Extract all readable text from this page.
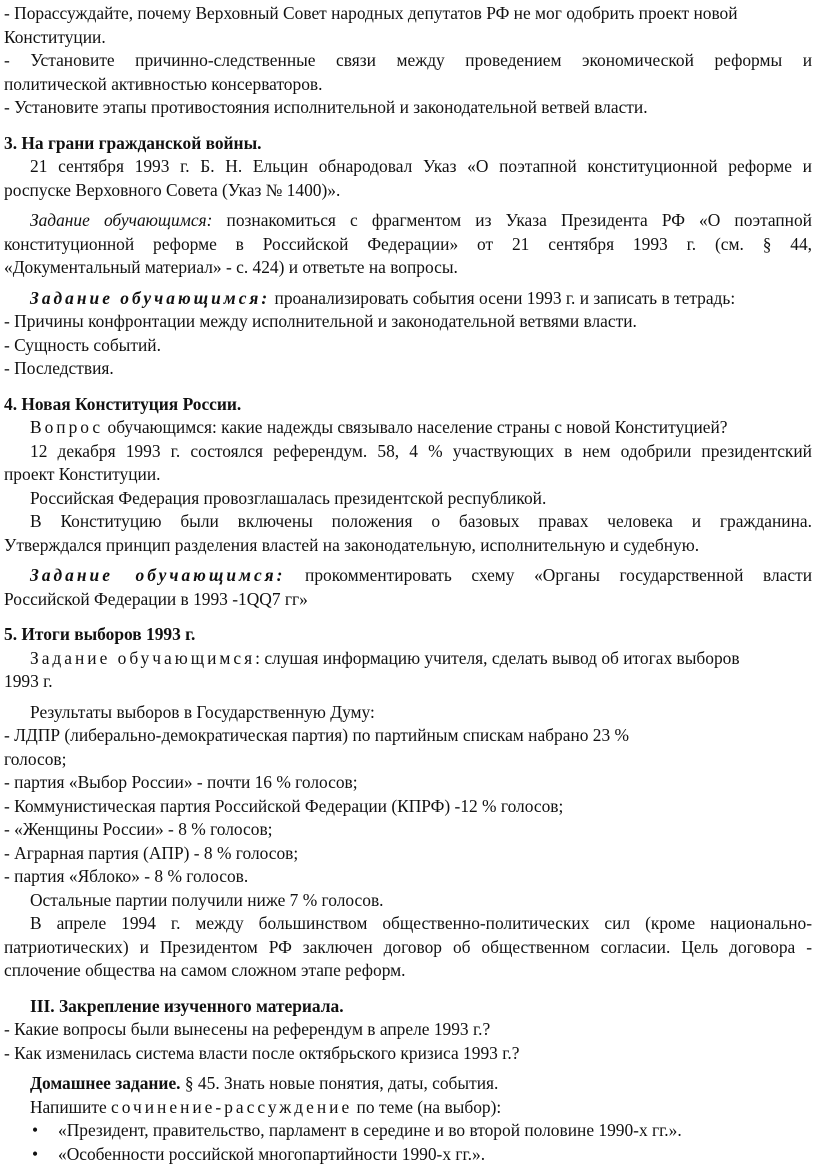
- Порассуждайте, почему Верховный Совет народных депутатов РФ не мог одобрить проект новой
Конституции.
- Установите причинно-следственные связи между проведением экономической реформы и
политической активностью консерваторов.
- Установите этапы противостояния исполнительной и законодательной ветвей власти.
3. На грани гражданской войны.
21 сентября 1993 г. Б. Н. Ельцин обнародовал Указ «О поэтапной конституционной реформе и
роспуске Верховного Совета (Указ № 1400)».
Задание обучающимся: познакомиться с фрагментом из Указа Президента РФ «О поэтапной
конституционной реформе в Российской Федерации» от 21 сентября 1993 г. (см. § 44,
«Документальный материал» - с. 424) и ответьте на вопросы.
Задание обучающимся: проанализировать события осени 1993 г. и записать в тетрадь:
- Причины конфронтации между исполнительной и законодательной ветвями власти.
- Сущность событий.
- Последствия.
4. Новая Конституция России.
Вопрос обучающимся: какие надежды связывало население страны с новой Конституцией?
12 декабря 1993 г. состоялся референдум. 58, 4 % участвующих в нем одобрили президентский
проект Конституции.
Российская Федерация провозглашалась президентской республикой.
В Конституцию были включены положения о базовых правах человека и гражданина.
Утверждался принцип разделения властей на законодательную, исполнительную и судебную.
Задание обучающимся: прокомментировать схему «Органы государственной власти
Российской Федерации в 1993 -1QQ7 гг»
5. Итоги выборов 1993 г.
Задание обучающимся: слушая информацию учителя, сделать вывод об итогах выборов
1993 г.
Результаты выборов в Государственную Думу:
- ЛДПР (либерально-демократическая партия) по партийным спискам набрано 23 %
голосов;
- партия «Выбор России» - почти 16 % голосов;
- Коммунистическая партия Российской Федерации (КПРФ) -12 % голосов;
- «Женщины России» - 8 % голосов;
- Аграрная партия (АПР) - 8 % голосов;
- партия «Яблоко» - 8 % голосов.
Остальные партии получили ниже 7 % голосов.
В апреле 1994 г. между большинством общественно-политических сил (кроме национально-
патриотических) и Президентом РФ заключен договор об общественном согласии. Цель договора -
сплочение общества на самом сложном этапе реформ.
III. Закрепление изученного материала.
- Какие вопросы были вынесены на референдум в апреле 1993 г.?
- Как изменилась система власти после октябрьского кризиса 1993 г.?
Домашнее задание. § 45. Знать новые понятия, даты, события.
Напишите сочинение-рассуждение по теме (на выбор):
• «Президент, правительство, парламент в середине и во второй половине 1990-х гг.».
• «Особенности российской многопартийности 1990-х гг.».
